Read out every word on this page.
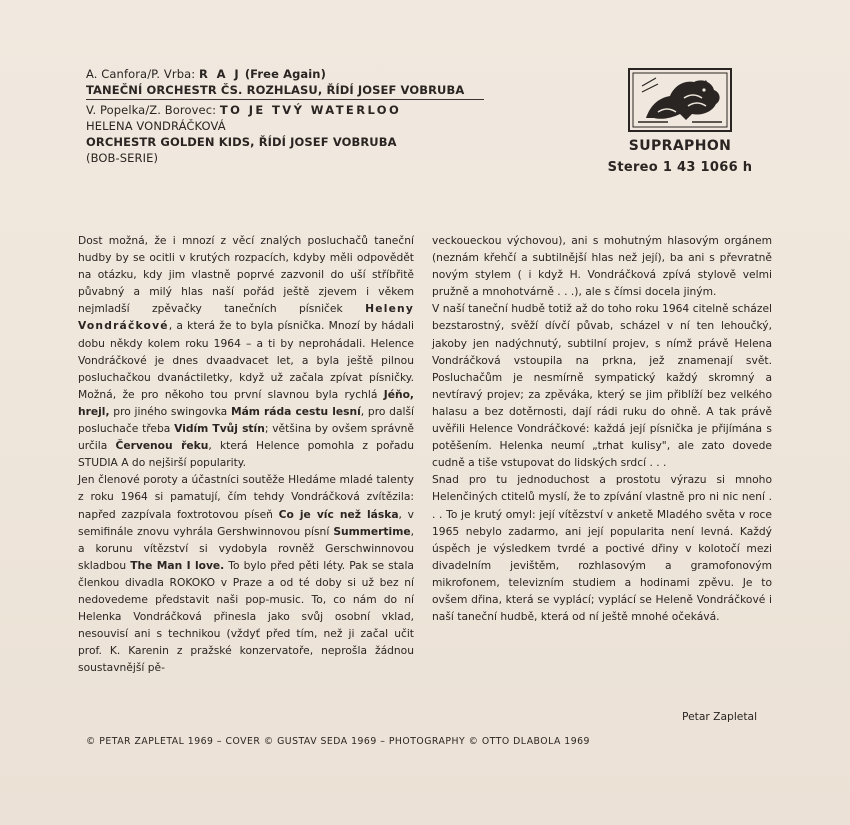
A. Canfora/P. Vrba: R A J (Free Again)
TANEČNÍ ORCHESTR ČS. ROZHLASU, ŘÍDÍ JOSEF VOBRUBA
V. Popelka/Z. Borovec: TO JE TVÝ WATERLOO
HELENA VONDRÁČKOVÁ
ORCHESTR GOLDEN KIDS, ŘÍDÍ JOSEF VOBRUBA
(BOB-SERIE)
SUPRAPHON
Stereo 1 43 1066 h

Dost možná, že i mnozí z věcí znalých posluchačů taneční hudby by se ocitli v krutých rozpacích, kdyby měli odpovědět na otázku, kdy jim vlastně poprvé zazvonil do uší stříbřitě půvabný a milý hlas naší pořád ještě zjevem i věkem nejmladší zpěvačky tanečních písniček Heleny Vondráčkové, a která že to byla písnička. Mnozí by hádali dobu někdy kolem roku 1964 – a ti by neprohádali. Helence Vondráčkové je dnes dvaadvacet let, a byla ještě pilnou posluchačkou dvanáctiletky, když už začala zpívat písničky. Možná, že pro někoho tou první slavnou byla rychlá Jéňo, hrejl, pro jiného swingovka Mám ráda cestu lesní, pro další posluchače třeba Vidím Tvůj stín; většina by ovšem správně určila Červenou řeku, která Helence pomohla z pořadu STUDIA A do nejširší popularity.

Jen členové poroty a účastníci soutěže Hledáme mladé talenty z roku 1964 si pamatují, čím tehdy Vondráčková zvítězila: napřed zazpívala foxtrotovou píseň Co je víc než láska, v semifinále znovu vyhrála Gershwinnovou písní Summertime, a korunu vítězství si vydobyla rovněž Gerschwinnovou skladbou The Man I love. To bylo před pěti léty. Pak se stala členkou divadla ROKOKO v Praze a od té doby si už bez ní nedovedeme představit naši pop-music. To, co nám do ní Helenka Vondráčková přinesla jako svůj osobní vklad, nesouvisí ani s technikou (vždyť před tím, než ji začal učit prof. K. Karenin z pražské konzervatoře, neprošla žádnou soustavnější pě-

veckoueckou výchovou), ani s mohutným hlasovým orgánem (neznám křehčí a subtilnější hlas než její), ba ani s převratně novým stylem ( i když H. Vondráčková zpívá stylově velmi pružně a mnohotvárně . . .), ale s čímsi docela jiným.

V naší taneční hudbě totiž až do toho roku 1964 citelně scházel bezstarostný, svěží dívčí půvab, scházel v ní ten lehoučký, jakoby jen nadýchnutý, subtilní projev, s nímž právě Helena Vondráčková vstoupila na prkna, jež znamenají svět. Posluchačům je nesmírně sympatický každý skromný a nevtíravý projev; za zpěváka, který se jim přiblíží bez velkého halasu a bez dotěrnosti, dají rádi ruku do ohně. A tak právě uvěřili Helence Vondráčkové: každá její písnička je přijímána s potěšením. Helenka neumí „trhat kulisy", ale zato dovede cudně a tiše vstupovat do lidských srdcí . . .

Snad pro tu jednoduchost a prostotu výrazu si mnoho Helenčiných ctitelů myslí, že to zpívání vlastně pro ni nic není . . . To je krutý omyl: její vítězství v anketě Mladého světa v roce 1965 nebylo zadarmo, ani její popularita není levná. Každý úspěch je výsledkem tvrdé a poctivé dřiny v kolotočí mezi divadelním jevištěm, rozhlasovým a gramofonovým mikrofonem, televizním studiem a hodinami zpěvu. Je to ovšem dřina, která se vyplácí; vyplácí se Heleně Vondráčkové i naší taneční hudbě, která od ní ještě mnohé očekává.

Petar Zapletal
© PETAR ZAPLETAL 1969 – COVER © GUSTAV SEDA 1969 – PHOTOGRAPHY © OTTO DLABOLA 1969
